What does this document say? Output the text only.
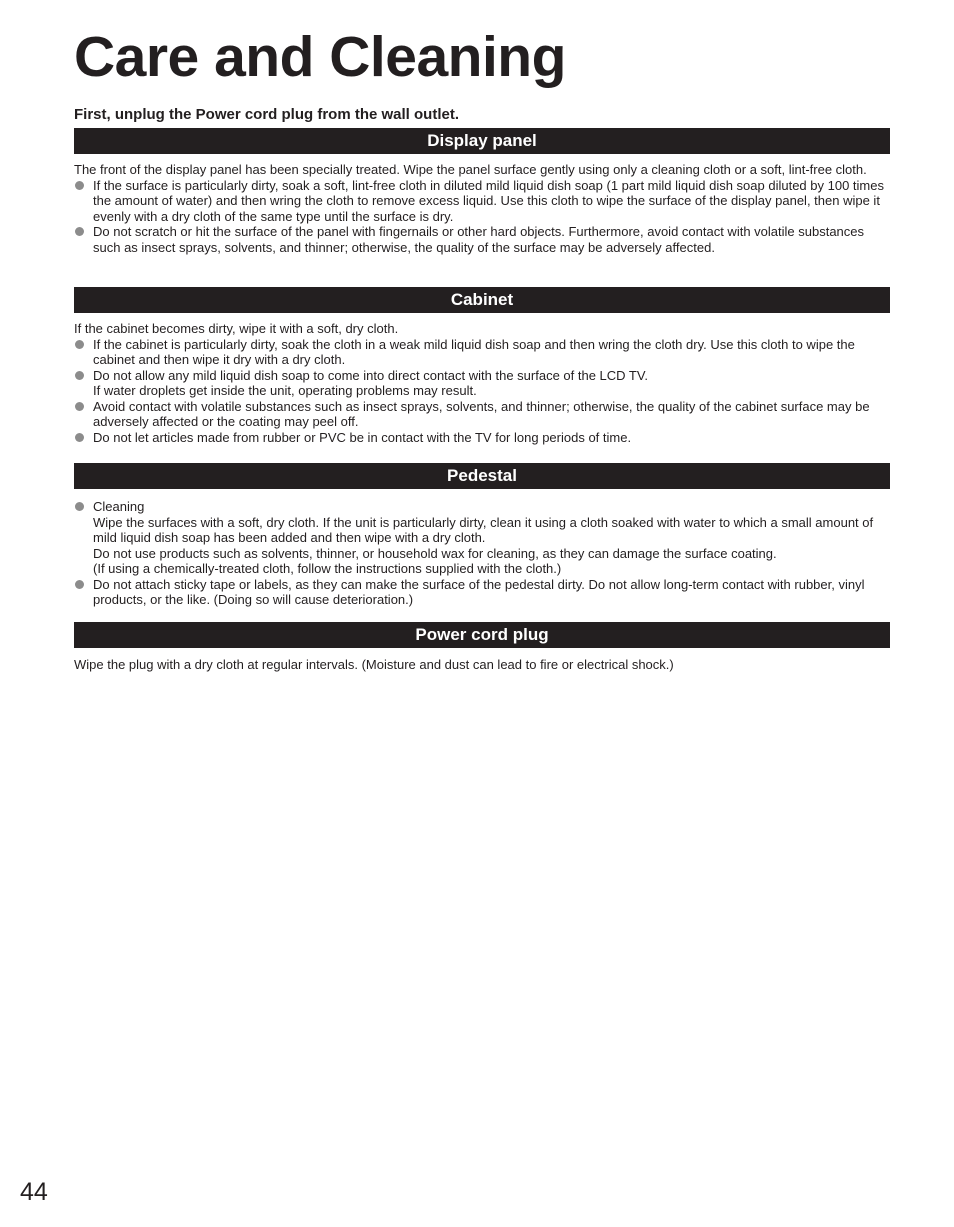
Care and Cleaning
First, unplug the Power cord plug from the wall outlet.
Display panel

The front of the display panel has been specially treated. Wipe the panel surface gently using only a cleaning cloth or a soft, lint-free cloth.

If the surface is particularly dirty, soak a soft, lint-free cloth in diluted mild liquid dish soap (1 part mild liquid dish soap diluted by 100 times the amount of water) and then wring the cloth to remove excess liquid. Use this cloth to wipe the surface of the display panel, then wipe it evenly with a dry cloth of the same type until the surface is dry.

Do not scratch or hit the surface of the panel with fingernails or other hard objects. Furthermore, avoid contact with volatile substances such as insect sprays, solvents, and thinner; otherwise, the quality of the surface may be adversely affected.

Cabinet

If the cabinet becomes dirty, wipe it with a soft, dry cloth.

If the cabinet is particularly dirty, soak the cloth in a weak mild liquid dish soap and then wring the cloth dry. Use this cloth to wipe the cabinet and then wipe it dry with a dry cloth.

Do not allow any mild liquid dish soap to come into direct contact with the surface of the LCD TV.
If water droplets get inside the unit, operating problems may result.

Avoid contact with volatile substances such as insect sprays, solvents, and thinner; otherwise, the quality of the cabinet surface may be adversely affected or the coating may peel off.

Do not let articles made from rubber or PVC be in contact with the TV for long periods of time.

Pedestal

Cleaning
Wipe the surfaces with a soft, dry cloth. If the unit is particularly dirty, clean it using a cloth soaked with water to which a small amount of mild liquid dish soap has been added and then wipe with a dry cloth.
Do not use products such as solvents, thinner, or household wax for cleaning, as they can damage the surface coating.
(If using a chemically-treated cloth, follow the instructions supplied with the cloth.)

Do not attach sticky tape or labels, as they can make the surface of the pedestal dirty. Do not allow long-term contact with rubber, vinyl products, or the like. (Doing so will cause deterioration.)

Power cord plug

Wipe the plug with a dry cloth at regular intervals. (Moisture and dust can lead to fire or electrical shock.)

44
